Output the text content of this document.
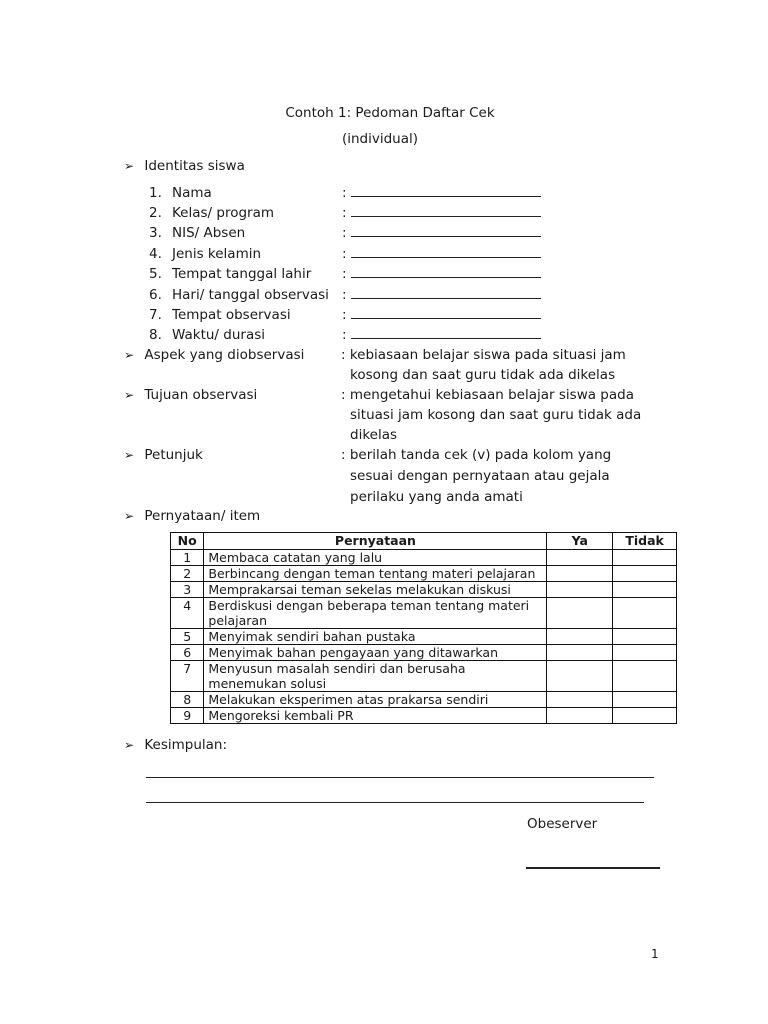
Contoh 1: Pedoman Daftar Cek
(individual)
➢ Identitas siswa
1. Nama	:
2. Kelas/ program	:
3. NIS/ Absen	:
4. Jenis kelamin	:
5. Tempat tanggal lahir :
6. Hari/ tanggal observasi :
7. Tempat observasi	:
8. Waktu/ durasi	:
➢ Aspek yang diobservasi	: kebiasaan belajar siswa pada situasi jam
kosong dan saat guru tidak ada dikelas
➢ Tujuan observasi	: mengetahui kebiasaan belajar siswa pada
situasi jam kosong dan saat guru tidak ada
dikelas
➢ Petunjuk	: berilah tanda cek (v) pada kolom yang
sesuai dengan pernyataan atau gejala
perilaku yang anda amati
➢ Pernyataan/ item
No	Pernyataan	Ya	Tidak
1	Membaca catatan yang lalu		
2	Berbincang dengan teman tentang materi pelajaran		
3	Memprakarsai teman sekelas melakukan diskusi		
4	Berdiskusi dengan beberapa teman tentang materi pelajaran		
5	Menyimak sendiri bahan pustaka		
6	Menyimak bahan pengayaan yang ditawarkan		
7	Menyusun masalah sendiri dan berusaha menemukan solusi		
8	Melakukan eksperimen atas prakarsa sendiri		
9	Mengoreksi kembali PR		
➢ Kesimpulan:
Obeserver
1
